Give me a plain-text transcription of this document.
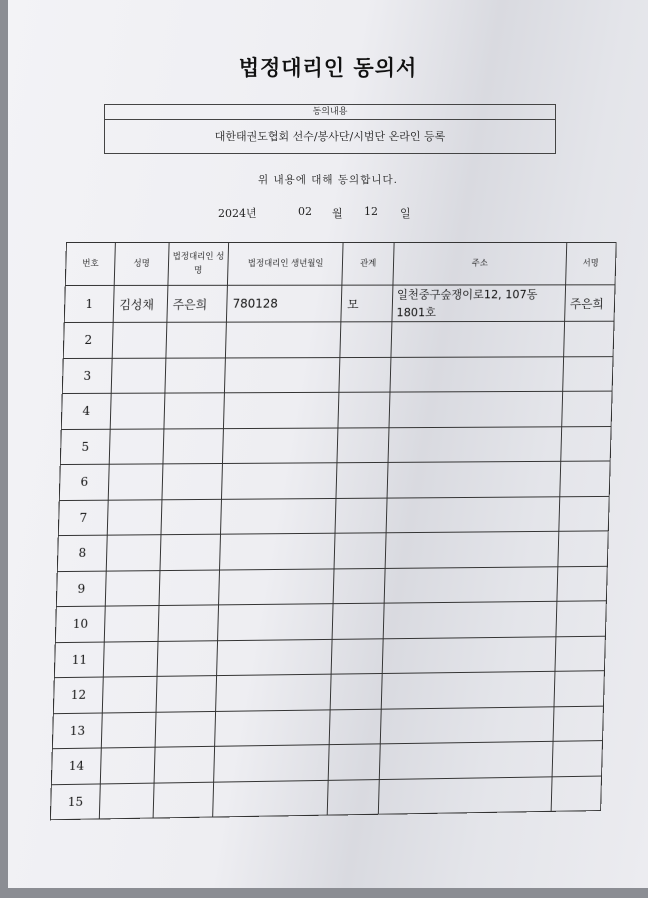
법정대리인 동의서
동의내용
대한태권도협회 선수/봉사단/시범단 온라인 등록
위 내용에 대해 동의합니다.
2024년	02 월 12 일
번호	성명	법정대리인 성명	법정대리인 생년월일	관계	주소	서명
1	김성채	주은희	780128	모	일천중구숲쟁이로12, 107동 1801호	주은희
2						
3						
4						
5						
6						
7						
8						
9						
10						
11						
12						
13						
14						
15						
